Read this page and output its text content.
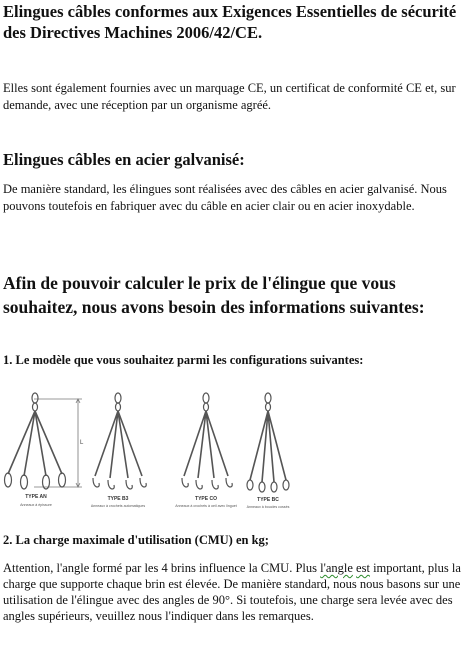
Elingues câbles conformes aux Exigences Essentielles de sécurité des Directives Machines 2006/42/CE.

Elles sont également fournies avec un marquage CE, un certificat de conformité CE et, sur demande, avec une réception par un organisme agréé.

Elingues câbles en acier galvanisé:

De manière standard, les élingues sont réalisées avec des câbles en acier galvanisé. Nous pouvons toutefois en fabriquer avec du câble en acier clair ou en acier inoxydable.

Afin de pouvoir calculer le prix de l'élingue que vous souhaitez, nous avons besoin des informations suivantes:

1. Le modèle que vous souhaitez parmi les configurations suivantes:

L
TYPE AN
Anneaux à épissure
TYPE B3
Anneaux à crochets automatiques
TYPE CO
Anneaux à crochets à oeil avec linguet
TYPE BC
Anneaux à boucles cossés

2. La charge maximale d'utilisation (CMU) en kg;

Attention, l'angle formé par les 4 brins influence la CMU. Plus l'angle est important, plus la charge que supporte chaque brin est élevée. De manière standard, nous nous basons sur une utilisation de l'élingue avec des angles de 90°. Si toutefois, une charge sera levée avec des angles supérieurs, veuillez nous l'indiquer dans les remarques.
